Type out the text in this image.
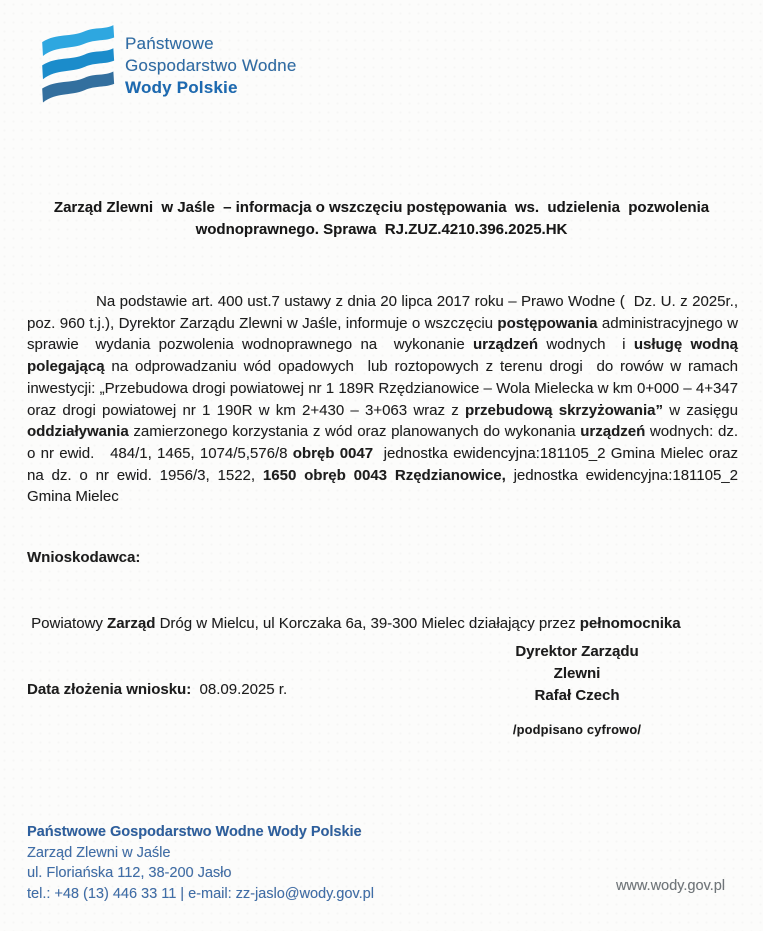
Państwowe
Gospodarstwo Wodne
Wody Polskie
Zarząd Zlewni  w Jaśle  – informacja o wszczęciu postępowania  ws.  udzielenia  pozwolenia
wodnoprawnego. Sprawa  RJ.ZUZ.4210.396.2025.HK

Na podstawie art. 400 ust.7 ustawy z dnia 20 lipca 2017 roku – Prawo Wodne (  Dz. U. z 2025r., poz. 960 t.j.), Dyrektor Zarządu Zlewni w Jaśle, informuje o wszczęciu postępowania administracyjnego w sprawie  wydania pozwolenia wodnoprawnego na  wykonanie urządzeń wodnych  i usługę wodną polegającą na odprowadzaniu wód opadowych  lub roztopowych z terenu drogi  do rowów w ramach inwestycji: „Przebudowa drogi powiatowej nr 1 189R Rzędzianowice – Wola Mielecka w km 0+000 – 4+347 oraz drogi powiatowej nr 1 190R w km 2+430 – 3+063 wraz z przebudową skrzyżowania” w zasięgu oddziaływania zamierzonego korzystania z wód oraz planowanych do wykonania urządzeń wodnych: dz. o nr ewid.   484/1, 1465, 1074/5,576/8 obręb 0047  jednostka ewidencyjna:181105_2 Gmina Mielec oraz na dz. o nr ewid. 1956/3, 1522, 1650 obręb 0043 Rzędzianowice, jednostka ewidencyjna:181105_2 Gmina Mielec

Wnioskodawca:

Powiatowy Zarząd Dróg w Mielcu, ul Korczaka 6a, 39-300 Mielec działający przez pełnomocnika

Data złożenia wniosku:  08.09.2025 r.

Dyrektor Zarządu
Zlewni
Rafał Czech
/podpisano cyfrowo/
Państwowe Gospodarstwo Wodne Wody Polskie
Zarząd Zlewni w Jaśle
ul. Floriańska 112, 38-200 Jasło
tel.: +48 (13) 446 33 11 | e-mail: zz-jaslo@wody.gov.pl	www.wody.gov.pl
